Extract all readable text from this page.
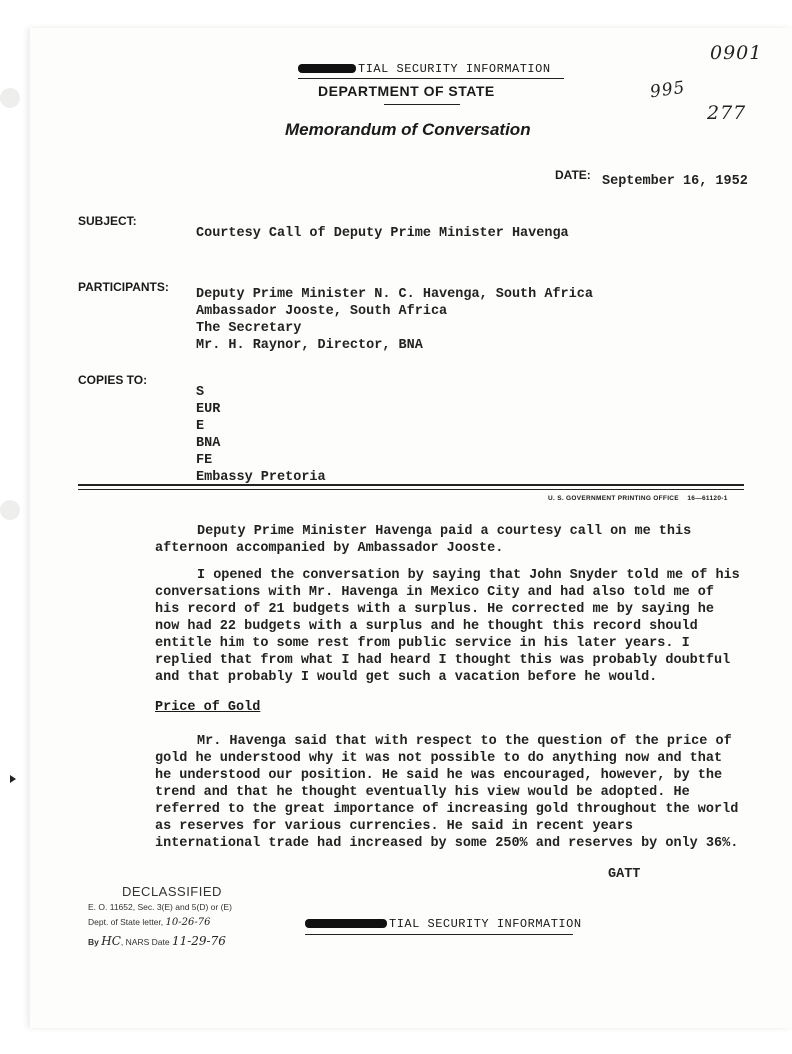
0901
995
277
TIAL SECURITY INFORMATION
DEPARTMENT OF STATE
Memorandum of Conversation
DATE: September 16, 1952
SUBJECT:
Courtesy Call of Deputy Prime Minister Havenga
PARTICIPANTS: Deputy Prime Minister N. C. Havenga, South Africa
Ambassador Jooste, South Africa
The Secretary
Mr. H. Raynor, Director, BNA
COPIES TO:
S
EUR
E
BNA
FE
Embassy Pretoria
U. S. GOVERNMENT PRINTING OFFICE 16—61120-1
Deputy Prime Minister Havenga paid a courtesy call on me this afternoon accompanied by Ambassador Jooste.
I opened the conversation by saying that John Snyder told me of his conversations with Mr. Havenga in Mexico City and had also told me of his record of 21 budgets with a surplus. He corrected me by saying he now had 22 budgets with a surplus and he thought this record should entitle him to some rest from public service in his later years. I replied that from what I had heard I thought this was probably doubtful and that probably I would get such a vacation before he would.
Price of Gold
Mr. Havenga said that with respect to the question of the price of gold he understood why it was not possible to do anything now and that he understood our position. He said he was encouraged, however, by the trend and that he thought eventually his view would be adopted. He referred to the great importance of increasing gold throughout the world as reserves for various currencies. He said in recent years international trade had increased by some 250% and reserves by only 36%.
GATT
DECLASSIFIED
E. O. 11652, Sec. 3(E) and 5(D) or (E)
Dept. of State letter, 10-26-76
By HC, NARS Date 11-29-76
TIAL SECURITY INFORMATION
